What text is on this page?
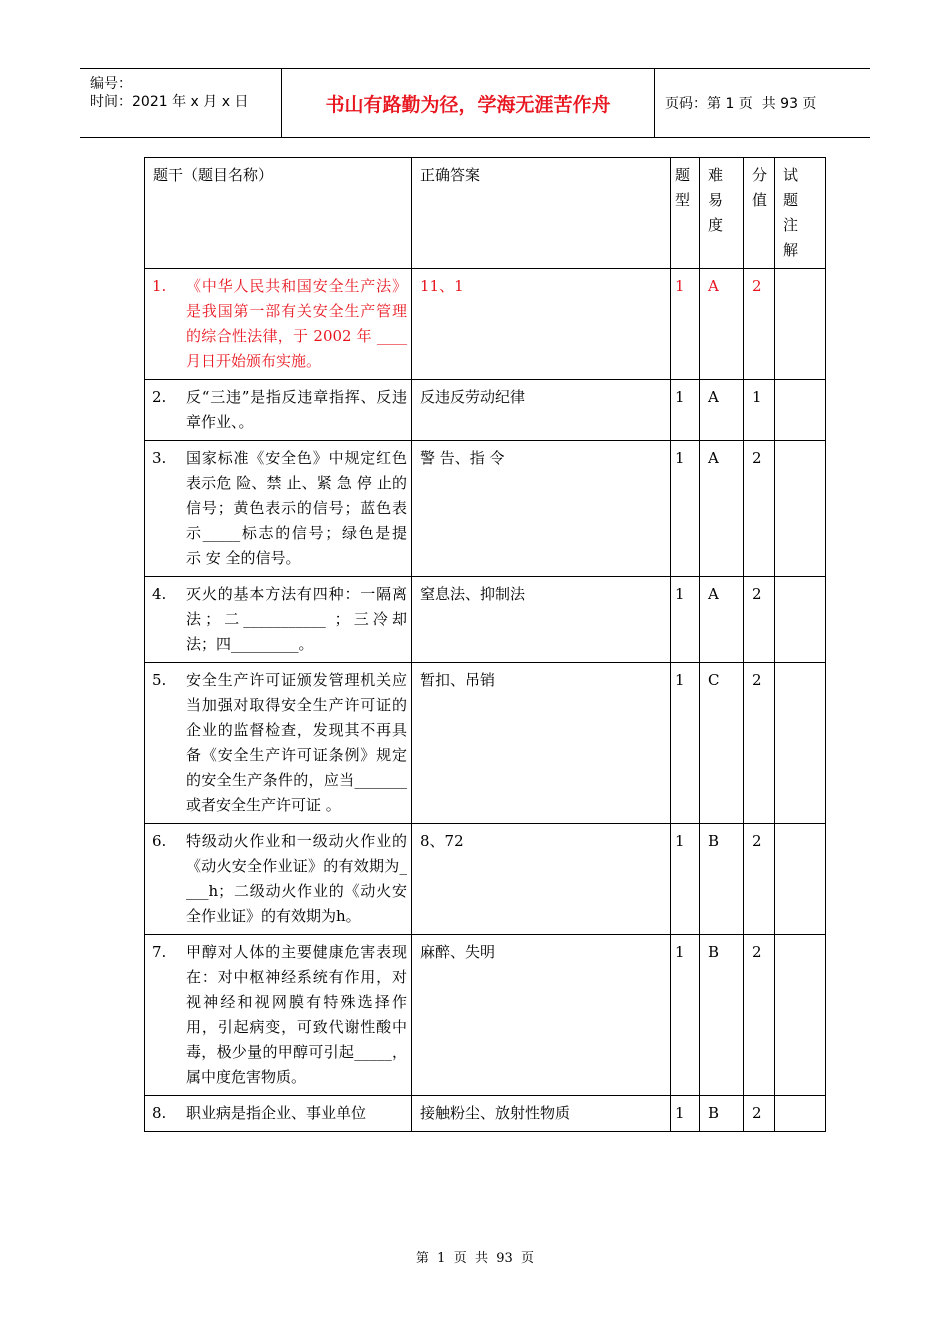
编号：
时间：2021 年 x 月 x 日	书山有路勤为径，学海无涯苦作舟	页码：第 1 页  共 93 页
题干（题目名称）	正确答案	题型	难易度	分值	试题注解

1. 《中华人民共和国安全生产法》是我国第一部有关安全生产管理的综合性法律，于 2002 年 ____月日开始颁布实施。	11、1	1	A	2	

2. 反“三违”是指反违章指挥、反违章作业、。	反违反劳动纪律	1	A	1	

3. 国家标准《安全色》中规定红色表示危 险、禁 止、紧 急 停 止的信号；黄色表示的信号；蓝色表示_____标志的信号；绿色是提 示 安 全的信号。	警 告、指 令	1	A	2	

4. 灭火的基本方法有四种：一隔离法；二___________ ；三冷却法；四_________。	窒息法、抑制法	1	A	2	

5. 安全生产许可证颁发管理机关应当加强对取得安全生产许可证的企业的监督检查，发现其不再具备《安全生产许可证条例》规定的安全生产条件的，应当_______或者安全生产许可证 。	暂扣、吊销	1	C	2	

6. 特级动火作业和一级动火作业的《动火安全作业证》的有效期为____h；二级动火作业的《动火安全作业证》的有效期为h。	8、72	1	B	2	

7. 甲醇对人体的主要健康危害表现在：对中枢神经系统有作用，对视神经和视网膜有特殊选择作用，引起病变，可致代谢性酸中毒，极少量的甲醇可引起_____，属中度危害物质。	麻醉、失明	1	B	2	

8. 职业病是指企业、事业单位	接触粉尘、放射性物质	1	B	2	
第  1  页  共  93  页
